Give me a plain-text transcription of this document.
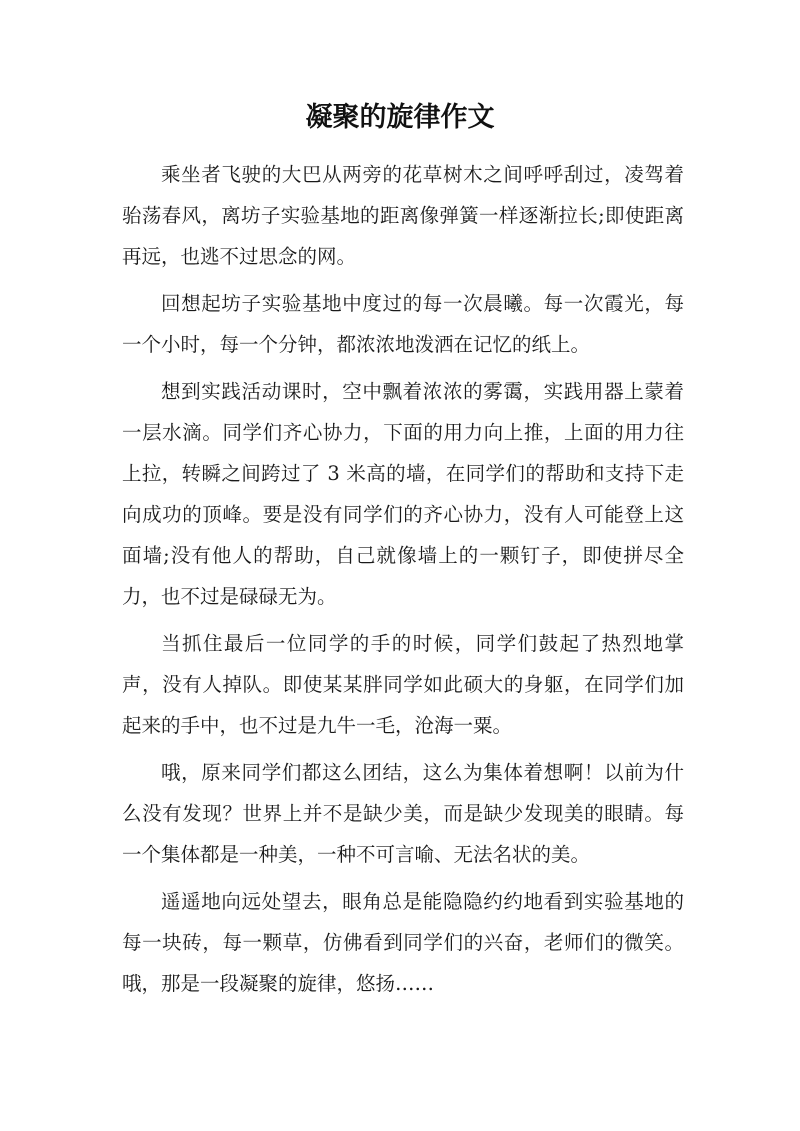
凝聚的旋律作文

乘坐者飞驶的大巴从两旁的花草树木之间呼呼刮过，凌驾着骀荡春风，离坊子实验基地的距离像弹簧一样逐渐拉长;即使距离再远，也逃不过思念的网。

回想起坊子实验基地中度过的每一次晨曦。每一次霞光，每一个小时，每一个分钟，都浓浓地泼洒在记忆的纸上。

想到实践活动课时，空中飘着浓浓的雾霭，实践用器上蒙着一层水滴。同学们齐心协力，下面的用力向上推，上面的用力往上拉，转瞬之间跨过了 3 米高的墙，在同学们的帮助和支持下走向成功的顶峰。要是没有同学们的齐心协力，没有人可能登上这面墙;没有他人的帮助，自己就像墙上的一颗钉子，即使拼尽全力，也不过是碌碌无为。

当抓住最后一位同学的手的时候，同学们鼓起了热烈地掌声，没有人掉队。即使某某胖同学如此硕大的身躯，在同学们加起来的手中，也不过是九牛一毛，沧海一粟。

哦，原来同学们都这么团结，这么为集体着想啊！以前为什么没有发现？世界上并不是缺少美，而是缺少发现美的眼睛。每一个集体都是一种美，一种不可言喻、无法名状的美。

遥遥地向远处望去，眼角总是能隐隐约约地看到实验基地的每一块砖，每一颗草，仿佛看到同学们的兴奋，老师们的微笑。哦，那是一段凝聚的旋律，悠扬……
